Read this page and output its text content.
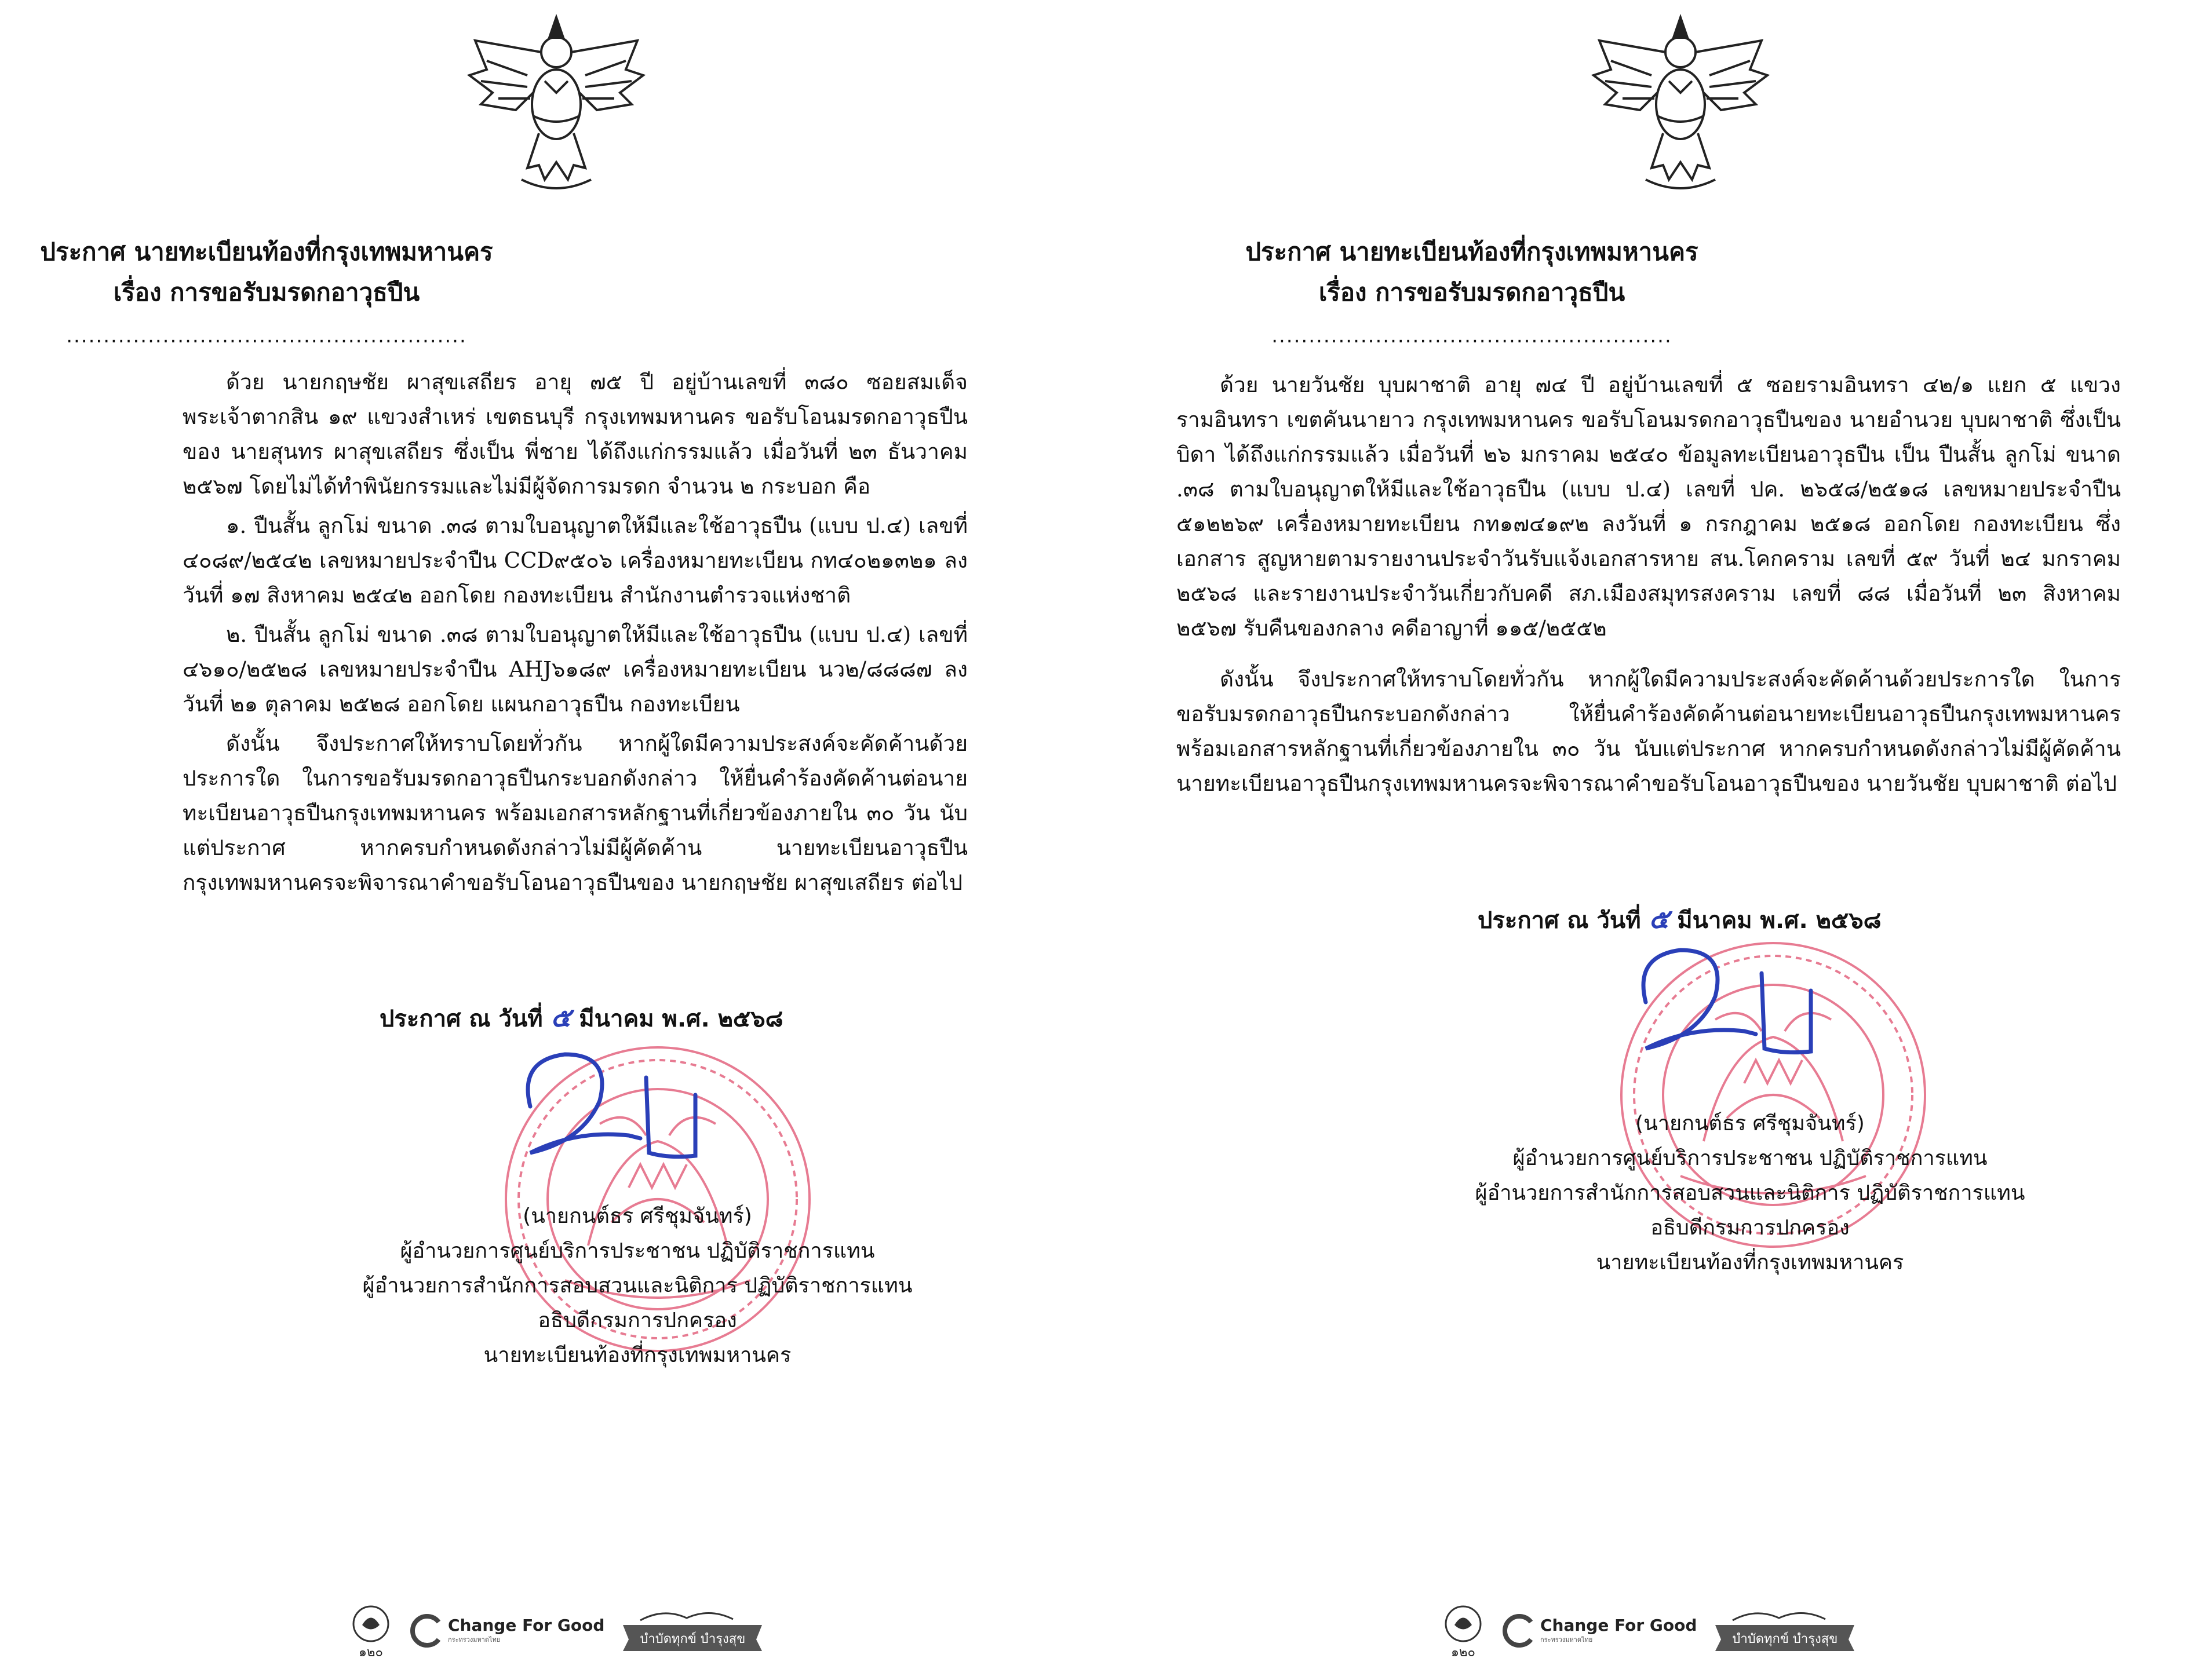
ประกาศ นายทะเบียนท้องที่กรุงเทพมหานคร
เรื่อง การขอรับมรดกอาวุธปืน
......................................................

ด้วย นายกฤษชัย ผาสุขเสถียร อายุ ๗๕ ปี อยู่บ้านเลขที่ ๓๘๐ ซอยสมเด็จพระเจ้าตากสิน ๑๙ แขวงสำเหร่ เขตธนบุรี กรุงเทพมหานคร ขอรับโอนมรดกอาวุธปืนของ นายสุนทร ผาสุขเสถียร ซึ่งเป็น พี่ชาย ได้ถึงแก่กรรมแล้ว เมื่อวันที่ ๒๓ ธันวาคม ๒๕๖๗ โดยไม่ได้ทำพินัยกรรมและไม่มีผู้จัดการมรดก จำนวน ๒ กระบอก คือ

๑. ปืนสั้น ลูกโม่ ขนาด .๓๘ ตามใบอนุญาตให้มีและใช้อาวุธปืน (แบบ ป.๔) เลขที่ ๔๐๘๙/๒๕๔๒ เลขหมายประจำปืน CCD๙๕๐๖ เครื่องหมายทะเบียน กท๔๐๒๑๓๒๑ ลงวันที่ ๑๗ สิงหาคม ๒๕๔๒ ออกโดย กองทะเบียน สำนักงานตำรวจแห่งชาติ

๒. ปืนสั้น ลูกโม่ ขนาด .๓๘ ตามใบอนุญาตให้มีและใช้อาวุธปืน (แบบ ป.๔) เลขที่ ๔๖๑๐/๒๕๒๘ เลขหมายประจำปืน AHJ๖๑๘๙ เครื่องหมายทะเบียน นว๒/๘๘๘๗ ลงวันที่ ๒๑ ตุลาคม ๒๕๒๘ ออกโดย แผนกอาวุธปืน กองทะเบียน

ดังนั้น จึงประกาศให้ทราบโดยทั่วกัน หากผู้ใดมีความประสงค์จะคัดค้านด้วยประการใด ในการขอรับมรดกอาวุธปืนกระบอกดังกล่าว ให้ยื่นคำร้องคัดค้านต่อนายทะเบียนอาวุธปืนกรุงเทพมหานคร พร้อมเอกสารหลักฐานที่เกี่ยวข้องภายใน ๓๐ วัน นับแต่ประกาศ หากครบกำหนดดังกล่าวไม่มีผู้คัดค้าน นายทะเบียนอาวุธปืนกรุงเทพมหานครจะพิจารณาคำขอรับโอนอาวุธปืนของ นายกฤษชัย ผาสุขเสถียร ต่อไป

ประกาศ ณ วันที่ ๕ มีนาคม พ.ศ. ๒๕๖๘
(นายกนต์ธร ศรีชุมจันทร์)
ผู้อำนวยการศูนย์บริการประชาชน ปฏิบัติราชการแทน
ผู้อำนวยการสำนักการสอบสวนและนิติการ ปฏิบัติราชการแทน
อธิบดีกรมการปกครอง
นายทะเบียนท้องที่กรุงเทพมหานคร
๑๒๐
Change For Good
กระทรวงมหาดไทย	บำบัดทุกข์ บำรุงสุข
ประกาศ นายทะเบียนท้องที่กรุงเทพมหานคร
เรื่อง การขอรับมรดกอาวุธปืน
......................................................

ด้วย นายวันชัย บุบผาชาติ อายุ ๗๔ ปี อยู่บ้านเลขที่ ๕ ซอยรามอินทรา ๔๒/๑ แยก ๕ แขวงรามอินทรา เขตคันนายาว กรุงเทพมหานคร ขอรับโอนมรดกอาวุธปืนของ นายอำนวย บุบผาชาติ ซึ่งเป็น บิดา ได้ถึงแก่กรรมแล้ว เมื่อวันที่ ๒๖ มกราคม ๒๕๔๐ ข้อมูลทะเบียนอาวุธปืน เป็น ปืนสั้น ลูกโม่ ขนาด .๓๘ ตามใบอนุญาตให้มีและใช้อาวุธปืน (แบบ ป.๔) เลขที่ ปค. ๒๖๕๘/๒๕๑๘ เลขหมายประจำปืน ๕๑๒๒๖๙ เครื่องหมายทะเบียน กท๑๗๔๑๙๒ ลงวันที่ ๑ กรกฎาคม ๒๕๑๘ ออกโดย กองทะเบียน ซึ่งเอกสาร สูญหายตามรายงานประจำวันรับแจ้งเอกสารหาย สน.โคกคราม เลขที่ ๕๙ วันที่ ๒๔ มกราคม ๒๕๖๘ และรายงานประจำวันเกี่ยวกับคดี สภ.เมืองสมุทรสงคราม เลขที่ ๘๘ เมื่อวันที่ ๒๓ สิงหาคม ๒๕๖๗ รับคืนของกลาง คดีอาญาที่ ๑๑๕/๒๕๕๒

ดังนั้น จึงประกาศให้ทราบโดยทั่วกัน หากผู้ใดมีความประสงค์จะคัดค้านด้วยประการใด ในการขอรับมรดกอาวุธปืนกระบอกดังกล่าว ให้ยื่นคำร้องคัดค้านต่อนายทะเบียนอาวุธปืนกรุงเทพมหานคร พร้อมเอกสารหลักฐานที่เกี่ยวข้องภายใน ๓๐ วัน นับแต่ประกาศ หากครบกำหนดดังกล่าวไม่มีผู้คัดค้าน นายทะเบียนอาวุธปืนกรุงเทพมหานครจะพิจารณาคำขอรับโอนอาวุธปืนของ นายวันชัย บุบผาชาติ ต่อไป

ประกาศ ณ วันที่ ๕ มีนาคม พ.ศ. ๒๕๖๘
(นายกนต์ธร ศรีชุมจันทร์)
ผู้อำนวยการศูนย์บริการประชาชน ปฏิบัติราชการแทน
ผู้อำนวยการสำนักการสอบสวนและนิติการ ปฏิบัติราชการแทน
อธิบดีกรมการปกครอง
นายทะเบียนท้องที่กรุงเทพมหานคร
๑๒๐
Change For Good
กระทรวงมหาดไทย	บำบัดทุกข์ บำรุงสุข
